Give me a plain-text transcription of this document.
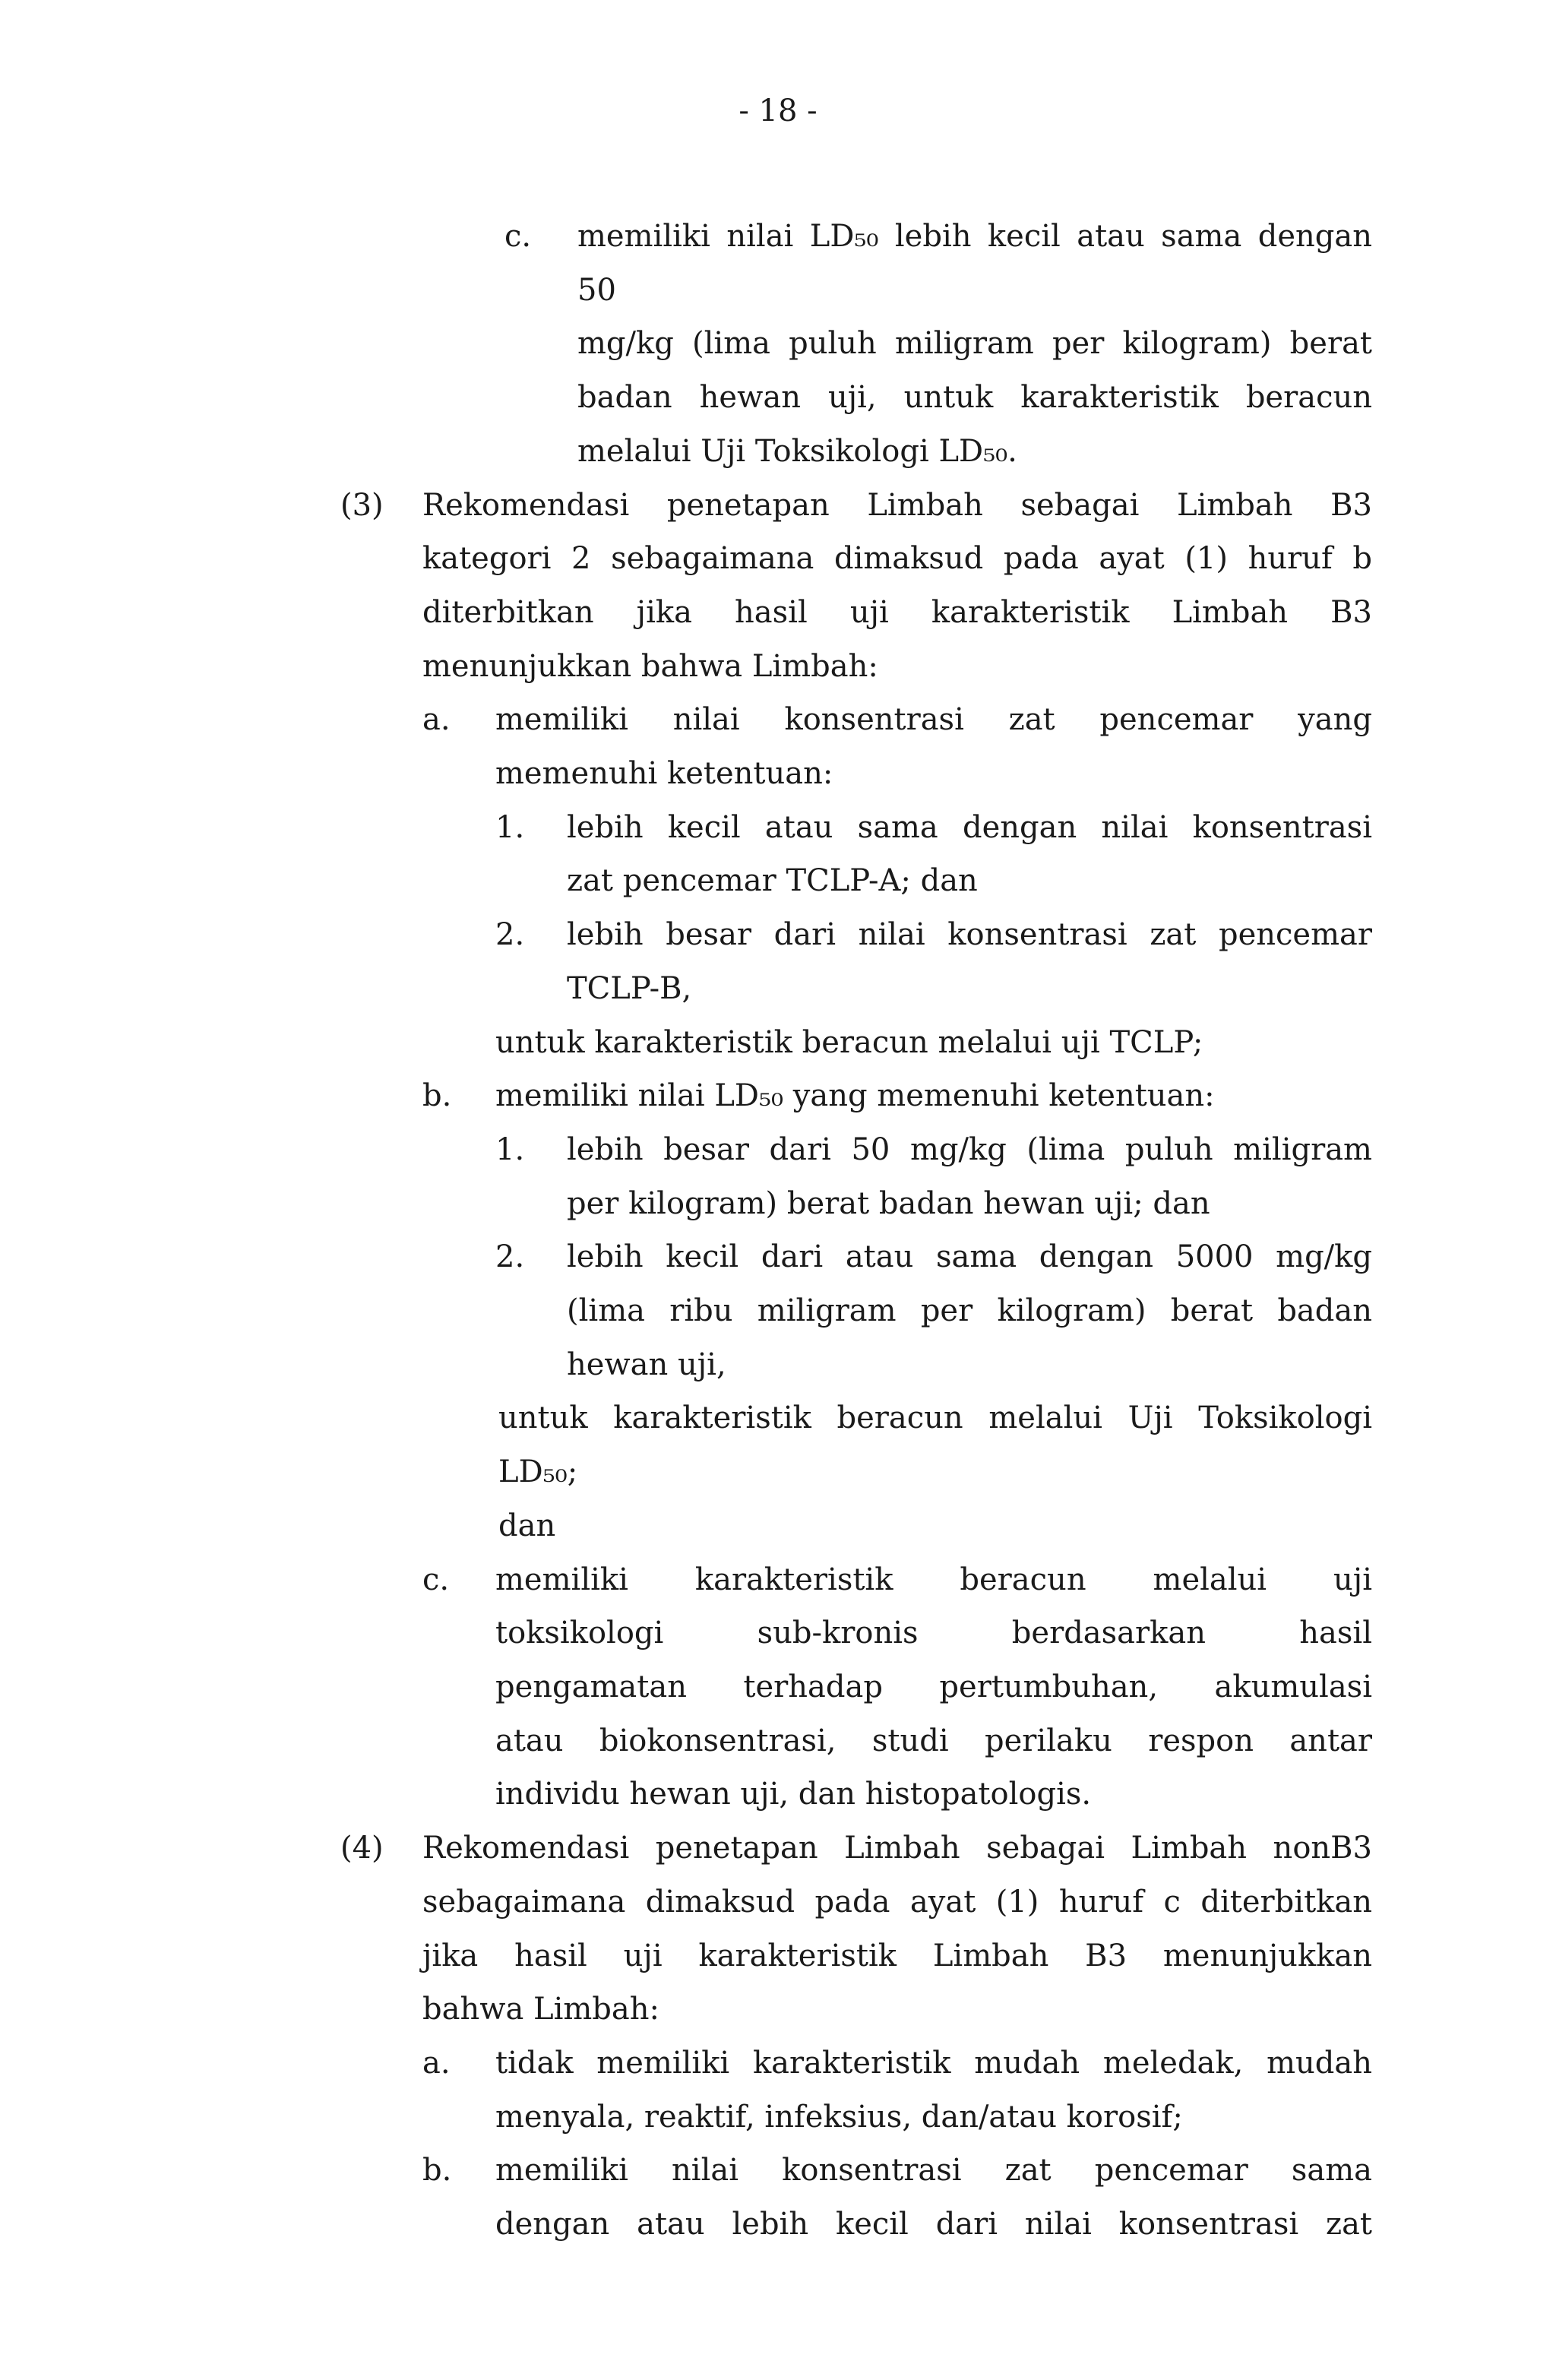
- 18 -
c.	memiliki nilai LD₅₀ lebih kecil atau sama dengan 50
mg/kg (lima puluh miligram per kilogram) berat
badan hewan uji, untuk karakteristik beracun
melalui Uji Toksikologi LD₅₀.
(3)	Rekomendasi penetapan Limbah sebagai Limbah B3
kategori 2 sebagaimana dimaksud pada ayat (1) huruf b
diterbitkan jika hasil uji karakteristik Limbah B3
menunjukkan bahwa Limbah:
a.	memiliki nilai konsentrasi zat pencemar yang
memenuhi ketentuan:
1.	lebih kecil atau sama dengan nilai konsentrasi
zat pencemar TCLP-A; dan
2.	lebih besar dari nilai konsentrasi zat pencemar
TCLP-B,
untuk karakteristik beracun melalui uji TCLP;
b.	memiliki nilai LD₅₀ yang memenuhi ketentuan:
1.	lebih besar dari 50 mg/kg (lima puluh miligram
per kilogram) berat badan hewan uji; dan
2.	lebih kecil dari atau sama dengan 5000 mg/kg
(lima ribu miligram per kilogram) berat badan
hewan uji,
untuk karakteristik beracun melalui Uji Toksikologi
LD₅₀;
dan
c.	memiliki karakteristik beracun melalui uji
toksikologi sub-kronis berdasarkan hasil
pengamatan terhadap pertumbuhan, akumulasi
atau biokonsentrasi, studi perilaku respon antar
individu hewan uji, dan histopatologis.
(4)	Rekomendasi penetapan Limbah sebagai Limbah nonB3
sebagaimana dimaksud pada ayat (1) huruf c diterbitkan
jika hasil uji karakteristik Limbah B3 menunjukkan
bahwa Limbah:
a.	tidak memiliki karakteristik mudah meledak, mudah
menyala, reaktif, infeksius, dan/atau korosif;
b.	memiliki nilai konsentrasi zat pencemar sama
dengan atau lebih kecil dari nilai konsentrasi zat
